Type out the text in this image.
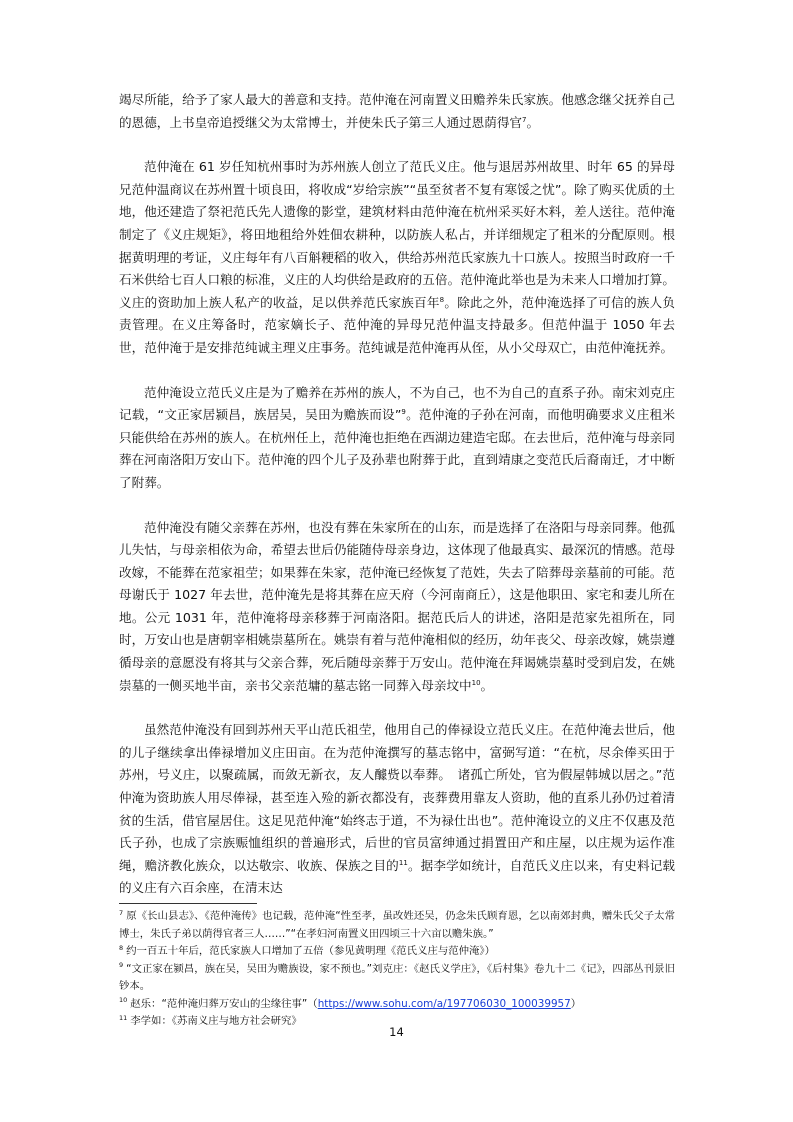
竭尽所能，给予了家人最大的善意和支持。范仲淹在河南置义田赡养朱氏家族。他感念继父抚养自己的恩德，上书皇帝追授继父为太常博士，并使朱氏子第三人通过恩荫得官$^7$。

范仲淹在 61 岁任知杭州事时为苏州族人创立了范氏义庄。他与退居苏州故里、时年 65 的异母兄范仲温商议在苏州置十顷良田，将收成“岁给宗族”“虽至贫者不复有寒馁之忧”。除了购买优质的土地，他还建造了祭祀范氏先人遗像的影堂，建筑材料由范仲淹在杭州采买好木料，差人送往。范仲淹制定了《义庄规矩》，将田地租给外姓佃农耕种，以防族人私占，并详细规定了租米的分配原则。根据黄明理的考证，义庄每年有八百斛粳稻的收入，供给苏州范氏家族九十口族人。按照当时政府一千石米供给七百人口粮的标准，义庄的人均供给是政府的五倍。范仲淹此举也是为未来人口增加打算。义庄的资助加上族人私产的收益，足以供养范氏家族百年$^8$。除此之外，范仲淹选择了可信的族人负责管理。在义庄筹备时，范家嫡长子、范仲淹的异母兄范仲温支持最多。但范仲温于 1050 年去世，范仲淹于是安排范纯诚主理义庄事务。范纯诚是范仲淹再从侄，从小父母双亡，由范仲淹抚养。

范仲淹设立范氏义庄是为了赡养在苏州的族人，不为自己，也不为自己的直系子孙。南宋刘克庄记载，“文正家居颍昌，族居吴，吴田为赡族而设”$^9$。范仲淹的子孙在河南，而他明确要求义庄租米只能供给在苏州的族人。在杭州任上，范仲淹也拒绝在西湖边建造宅邸。在去世后，范仲淹与母亲同葬在河南洛阳万安山下。范仲淹的四个儿子及孙辈也附葬于此，直到靖康之变范氏后裔南迁，才中断了附葬。

范仲淹没有随父亲葬在苏州，也没有葬在朱家所在的山东，而是选择了在洛阳与母亲同葬。他孤儿失怙，与母亲相依为命，希望去世后仍能随侍母亲身边，这体现了他最真实、最深沉的情感。范母改嫁，不能葬在范家祖茔；如果葬在朱家，范仲淹已经恢复了范姓，失去了陪葬母亲墓前的可能。范母谢氏于 1027 年去世，范仲淹先是将其葬在应天府（今河南商丘），这是他职田、家宅和妻儿所在地。公元 1031 年，范仲淹将母亲移葬于河南洛阳。据范氏后人的讲述，洛阳是范家先祖所在，同时，万安山也是唐朝宰相姚崇墓所在。姚崇有着与范仲淹相似的经历，幼年丧父、母亲改嫁，姚崇遵循母亲的意愿没有将其与父亲合葬，死后随母亲葬于万安山。范仲淹在拜谒姚崇墓时受到启发，在姚崇墓的一侧买地半亩，亲书父亲范墉的墓志铭一同葬入母亲坟中$^{10}$。

虽然范仲淹没有回到苏州天平山范氏祖茔，他用自己的俸禄设立范氏义庄。在范仲淹去世后，他的儿子继续拿出俸禄增加义庄田亩。在为范仲淹撰写的墓志铭中，富弼写道：“在杭，尽余俸买田于苏州，号义庄，以聚疏属，而敛无新衣，友人醵赀以奉葬。　诸孤亡所处，官为假屋韩城以居之。”范仲淹为资助族人用尽俸禄，甚至连入殓的新衣都没有，丧葬费用靠友人资助，他的直系儿孙仍过着清贫的生活，借官屋居住。这足见范仲淹“始终志于道，不为禄仕出也”。范仲淹设立的义庄不仅惠及范氏子孙，也成了宗族赈恤组织的普遍形式，后世的官员富绅通过捐置田产和庄屋，以庄规为运作准绳，赡济教化族众，以达敬宗、收族、保族之目的$^{11}$。据李学如统计，自范氏义庄以来，有史料记载的义庄有六百余座，在清末达

$^7$ 原《长山县志》、《范仲淹传》也记载，范仲淹“性至孝，虽改姓还吴，仍念朱氏顾育恩，乞以南郊封典，赠朱氏父子太常博士，朱氏子弟以荫得官者三人……”“在孝妇河南置义田四顷三十六亩以赡朱族。”

$^8$ 约一百五十年后，范氏家族人口增加了五倍（参见黄明理《范氏义庄与范仲淹》）

$^9$ “文正家在颍昌，族在吴，吴田为赡族设，家不预也。”刘克庄：《赵氏义学庄》，《后村集》卷九十二《记》，四部丛刊景旧钞本。

$^{10}$ 赵乐：“范仲淹归葬万安山的尘缘往事”（https://www.sohu.com/a/197706030_100039957）

$^{11}$ 李学如：《苏南义庄与地方社会研究》

14
